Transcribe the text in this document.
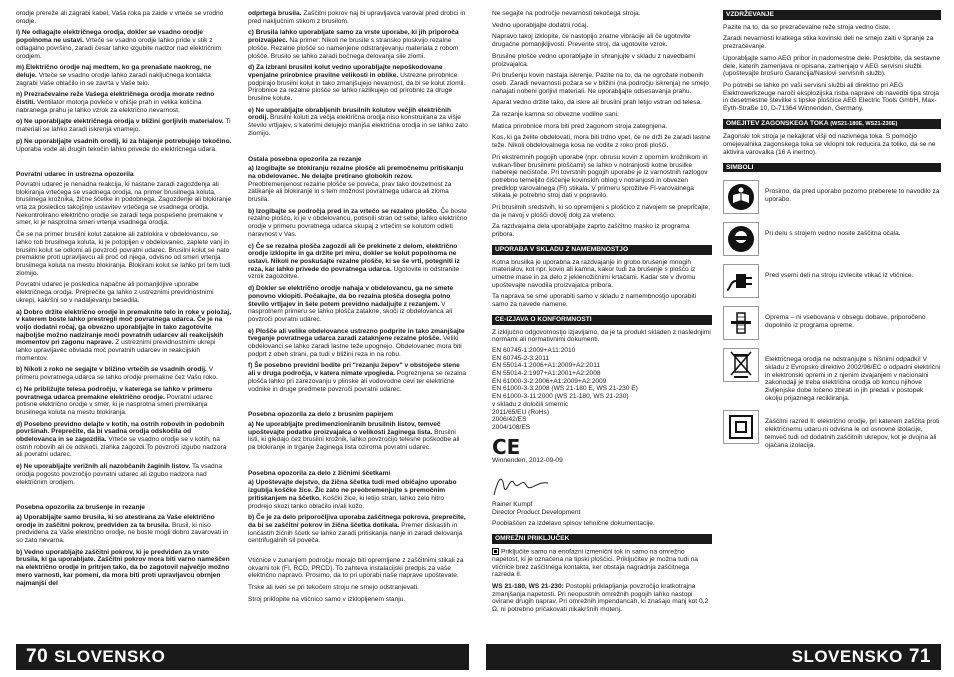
orodje prereže ali zagrabi kabel, Vaša roka pa zaide v vrteče se vrodno orodje.

l) Ne odlagajte električnega orodja, dokler se vsadno orodje popolnoma ne ustavi. Vrteče se vsadno orodje lahko pride v stik z odlagalno površino, zaradi česar lahko izgubite nadzor nad električnim orodjem.

m) Električno orodje naj medtem, ko ga prenašate naokrog, ne deluje. Vrteče se vsadno orodje lahko zaradi naključnega kontakta zagrabi Vaše oblačilo in se zavrta v Vaše telo.

n) Prezračevalne reže Vašega električnega orodja morate redno čistiti. Ventilator motorja povleče v ohišje prah in velika količina nabranega prahu je lahko vzrok za električno nevarnost.

o) Ne uporabljajte električnega orodja v bližini gorljivih materialov. Ti materiali se lahko zaradi iskrenja vnamejo.

p) Ne uporabljajte vsadnih orodij, ki za hlajenje potrebujejo tekočino. Uporaba vode ali drugih tekočin lahko privede do električnega udara.

Povratni udarec in ustrezna opozorila

Povratni udarec je nenadna reakcija, ki nastane zaradi zagozdenja ali blokiranja vrtečega se vsadnega orodja, na primer brusilnega koluta, brusilnega krožnika, žične ščetke in podobnega. Zagozdenje ali blokiranje vrta za posledico takojšnjo ustavitev vrtečega se vsadnega orodja. Nekontrolirano električno orodje se zaradi tega pospešeno premakne v smer, ki je nasprotna smeri vrtenja vsadnega orodja.

Če se na primer brusilni kolut zatakne ali zablokira v obdelovancu, se lahko rob brusilnega koluta, ki je potopljen v obdelovanec, zaplete vanj in brusilni kolut se odlomi ali povzroči povratni udarec. Brusilni kolut se nato premakne proti upravljavcu ali proč od njega, odvisno od smeri vrtenja brusilnega koluta na mestu blokiranja. Blokirani kolut se lahko pri tem tudi zlomijo.

Povratni udarec je posledica napačne ali pomanjkljive uporabe električnega orodja. Preprečite ga lahko z ustreznimi previdnostnimi ukrepi, kakršni so v nadaljevanju besedila.

a) Dobro držite električno orodje in premaknite telo in roke v položaj, v katerem boste lahko prestregli moč povratnega udarca. Če je na voljo dodatni ročaj, ga obvezno uporabljajte in tako zagotovite najboljše možno nadziranje moči povratnih udarcev ali reakcijskih momentov pri zagonu naprave. Z ustreznimi previdnostnimi ukrepi lahko upravljavec obvlada moč povratnih udarcev in reakcijskih momentov.

b) Nikoli z roko ne segajte v bližino vrtečih se vsadnih orodij. V primeru povratnega udarca se lahko orodje premakne čez Vašo roko.

c) Ne približujte telesa področju, v katerega se lahko v primeru povratnega udarca premakne električno orodje. Povratni udarec potisne električno orodje v smer, ki je nasprotna smeri premikanja brusilnega koluta na mestu blokiranja.

d) Posebno previdno delajte v kotih, na ostrih robovih in podobnih površinah. Preprečite, da bi vsadna orodja odskočila od obdelovanca in se zagozdila. Vrteče se vsadno orodje se v kotih, na ostrih robovih ali če odskoči, zlahka zagozdi.To povzroči izgubo nadzora ali povratni udarec.

e) Ne uporabljajte verižnih ali nazobčanih žaginih listov. Ta vsadna orodja pogosto povzročijo povratni udarec ali izgubo nadzora nad električnim orodjem.

Posebna opozorila za brušenje in rezanje

a) Uporabljajte samo brusila, ki so atestirana za Vaše električno orodje in zaščitni pokrov, predviden za ta brusila. Brusil, ki niso predvidena za Vaše električno orodje, ne boste mogli dobro zavarovati in so zato nevarna.

b) Vedno uporabljajte zaščitni pokrov, ki je predviden za vrsto brusila, ki ga uporabljate. Zaščitni pokrov mora biti varno nameščen na električno orodje in pritrjen tako, da bo zagotovil največjo možno mero varnosti, kar pomeni, da mora biti proti upravljavcu obrnjen najmanjši del

odprtega brusila. Zaščitni pokrov naj bi upravljavca varoval pred drobci in pred naključnim stikom z brusilom.

c) Brusila lahko uporabljate samo za vrste uporabe, ki jih priporoča proizvajalec. Na primer: Nikoli ne brusite s stransko ploskvijo rezalne plošče. Rezalne plošče so namenjene odstranjevanju materiala z robom plošče. Brusilo se lahko zaradi bočnega delovanja sile zlomi.

d) Za izbrani brusilni kolut vedno uporabljajte nepoškodovane vpenjalne prirobnice pravilne velikosti in oblike. Ustrezne prirobnice podpirajo brusilni kolut in tako zmanjšujejo nevarnost, da bi se kolut zlomil. Prirobnice za rezalne plošče se lahko razlikujejo od prirobnic za druge brusilne kolute.

e) Ne uporabljajte obrabljenih brusilnih kolutov večjih električnih orodij. Brusilni koluti za večja električna orodja niso konstruirana za višje število vrtljajev, s katerimi delujejo manjša električna orodja in se lahko zato zlomijo.

Ostala posebna opozorila za rezanje

a) Izogibajte se blokiranju rezalne plošče ali premočnemu pritiskanju na obdelovanec. Ne delajte pretirano globokih rezov. Preobremenjenost rezalne plošče se poveča, prav tako dovzetnost za zatikanje ali blokiranje in s tem možnost povratnega udarca ali zloma brusila.

b) Izogibajte se področja pred in za vrtečo se rezalno ploščo. Če boste rezalno ploščo, ki je v obdelovancu, potisnili stran od sebe, lahko električno orodje v primeru povratnega udarca skupaj z vrtečim se kolutom odleti naravnost v Vas.

c) Če se rezalna plošča zagozdi ali če prekinete z delom, električno orodje izklopite in ga držite pri miru, dokler se kolut popolnoma ne ustavi. Nikoli ne poskušajte rezalne plošče, ki se še vrti, potegniti iz reza, kar lahko privede do povratnega udarca. Ugotovite in odstranite vzrok zagozditve.

d) Dokler se električno orodje nahaja v obdelovancu, ga ne smete ponovno vklopiti. Počakajte, da bo rezalna plošča dosegla polno število vrtljajev in šele potem previdno nadaljujte z rezanjem. V nasprotnem primeru se lahko plošča zatakne, skoči iz obdelovanca ali povzroči povratni udarec.

e) Plošče ali velike obdelovance ustrezno podprite in tako zmanjšajte tveganje povratnega udarca zaradi zataknjene rezalne plošče. Veliki obdelovanci se lahko zaradi lastne teže upognejo. Obdelovanec mora biti podprt z obeh strani, pa tudi v bližini reza in na robu.

f) Še posebno previdni bodite pri "rezanju žepov" v obstoječe stene ali v druga področja, v katera nimate vpogleda. Pogreznjena se rezalna plošča lahko pri zarezovanju v plinske ali vodovodne cevi ter električne vodnike in druge predmete povzroči povratni udarec.

Posebna opozorila za delo z brusnim papirjem

a) Ne uporabljajte predimenzioniranih brusilnih listov, temveč upoštevajte podatke proizvajalca o velikosti žaginega lista. Brusilni listi, ki gledajo čez brusilni krožnik, lahko povzročijo telesne poškodbe ali pa blokiranje in trganje žaginega lista oziroma povratni udarec.

Posebna opozorila za delo z žičnimi ščetkami

a) Upoštevajte dejstvo, da žična ščetka tudi med običajno uporabo izgublja koščke žice. Žic zato ne preobremenjujte s premočnim pritiskanjem na ščetko. Koščki žice, ki letijo stran, lahko zelo hitro prodrejo skozi tanko oblačilo in/ali kožo.

b) Če je za delo priporočljiva uporaba zaščitnega pokrova, preprečite, da bi se zaščitni pokrov in žična ščetka dotikala. Premer diskastih in lončastih žičnih ščetk se lahko zaradi pritiskanja nanje in zaradi delovanja centrifugalnih sil poveča.

Vtičnice v zunanjem področju morajo biti opremljene z zaščitnimi stikali za okvarni tok (FI, RCD, PRCD). To zahteva instalacijski predpis za vaše električno napravo. Prosimo, da to pri uporabi naše naprave upoštevate.

Trske ali iveri se pri tekočem stroju ne smejo odstranjevati.

Stroj priklopite na vtičnico samo v izklopljenem stanju.

70 SLOVENSKO

Ne segajte na področje nevarnosti tekočega stroja.

Vedno uporabljajte dodatni ročaj.

Napravo takoj izklopite, če nastopijo znatne vibracije ali če ugotovite drugačne pomanjkljivosti. Preverite stroj, da ugotovite vzrok.

Brusilne plošče vedno uporabljajte in shranjujte v skladu z navedbami proizvajalca.

Pri brušenju kovin nastaja iskrenje. Pazite na to, da ne ogrožate nobenih oseb. Zaradi nevarnosti požara se v bližini (na področju iskrenja) ne smejo nahajati nobeni gorljivi materiali. Ne uporabljajte odsesavanja prahu.

Aparat vedno držite tako, da iskre ali brusilni prah letijo vstran od telesa.

Za rezanje kamna so obvezne vodilne sani.

Matica prirobnice mora biti pred zagonom stroja zategnjena.

Kos, ki ga želite obdelovati, mora biti trdno vpet, če ne drži že zaradi lastne teže. Nikoli obdelovalnega kosa ne vodite z roko proti plošči.

Pri ekstremnih pogojih uporabe (npr. obrusu kovin z oporním krožnikom in vulkan-fiber brusilnimi ploščami) se lahko v notranjosti kotne brusilke nabereje nečistoče. Pri tovrstnih pogojih uporabe je iz varnostnih razlogov potrebno temeljito čiščenje kovinskih oblog v notranjosti in obvezen predklop varovalnega (FI) stikala. V primeru sprožitve FI-varovalnega stikala je potrebno stroj dati v popravilo.

Pri brusilnih sredstvih, ki so opremljeni s ploščico z navojem se prepričajte, da je navoj v plošči dovolj dolg za vreteno.

Za razdvajalna dela uporabljajte zaprto zaščitno masko iz programa pribora.

UPORABA V SKLADU Z NAMEMBNOSTJO

Kotna brusilka je uporabna za razdvajanje in grobo brušenje mnogih materialov, kot npr. kovin ali kamna, kakor tudi za brušenje s ploščo iz umetne mase in za delo z jeklenožičnimi krtačami. Kadar ste v dvomu upoštevajte navodila proizvajalca pribora.

Ta naprava se sme uporabiti samo v skladu z namembnostjo uporabiti samo za navede namene.

CE-IZJAVA O KONFORMNOSTI

Z izključno odgovornostjo izjavljamo, da je ta produkt skladen z naslednjimi normami ali normativnimi dokumenti.

EN 60745-1:2009+A11:2010
EN 60745-2-3:2011
EN 55014-1:2006+A1:2009+A2:2011
EN 55014-2:1997+A1:2001+A2:2008
EN 61000-3-2:2006+A1:2009+A2:2009
EN 61000-3-3:2008 (WS 21-180 E, WS 21-230 E)
EN 61000-3-11:2000 (WS 21-180, WS 21-230)
v skladu z določili smernic
2011/65/EU (RoHs)
2006/42/ES
2004/108/ES
CE

Winnenden, 2012-09-09

Rainer Kumpf

Director Product Development

Pooblaščen za izdelavo spisov tehnične dokumentacije.

OMREŽNI PRIKLJUČEK

Priključite samo na enofazni izmenični tok in samo na omrežno napetost, ki je označena na tipski ploščici. Priključitev je možna tudi na vtičnice brez zaščitnega kontakta, ker obstaja nagradnja zaščitnega razreda II.

WS 21-180, WS 21-230: Postopki priklapljanja povzročijo kratkotrajna zmanjšanja napetosti. Pri neopustnih omrežnih pogojih lahko nastopi ovirane drugih naprav. Pri omrežnih impendancah, ki znašajo manj kot 0,2 Ω, ni potrebno pričakovati nikakršnih motenj.

VZDRŽEVANJE

Pazite na to, da so prezračevalne reže stroja vedno čiste.

Zaradi nevarnosti kratkega stika kovinski deli ne smejo zaiti v špranje za prezračevanje.

Uporabljajte samo AEG pribor in nadomestne dele. Poskrbite, da sestavne dele, katerih zamenjava ni opisana, zamenjajo v AEG servisni službi (upoštevajte brošuro Garancija/Naslovi servisnih služb).

Po potrebi se lahko pri vaši servisni službi ali direktno pri AEG Elektrowerkzeuge naroči eksplozijska risba naprave ob navedbi tipa stroja in desetmestne številke s tipske ploščice AEG Electric Tools GmbH, Max-Eyth-Straße 10, D-71364 Winnenden, Germany.

OMEJITEV ZAGONSKEGA TOKA (WS21-180E, WS21-230E)

Zagonski tok stroja je nekajkrat višji od nazivnega toka. S pomočjo omejevalnika zagonskega toka se vklopni tok reducira za toliko, da se ne aktivira varovalka (16 A inertno).

SIMBOLI
Prosimo, da pred uporabo pozorno preberete to navodilo za uporabo.
Pri delu s strojem vedno nosite zaščitna očala.
Pred vsemi deli na stroju izvlecite vtikač iz vtičnice.
Oprema – ni vsebovana v obsegu dobave, priporočeno dopolnilo iz programa opreme.
Električnega orodja ne odstranjujte s hišnimi odpadki! V skladu z Evropsko direktivo 2002/96/EC o odpadni električni in elektronski opremi in z njenim izvajanjem v nacionalni zakonodaji je treba električna orodja ob koncu njihove življenjske dobe ločeno zbirati in jih predati v postopek okolju prijaznega recikliranja.
Zaščitni razred II: električno orodje, pri katerem zaščita proti električnemu udaru ni odvisna le od osnovne izolacije, temveč tudi od dodatnih zaščitnih ukrepov, kot je dvojna ali ojačana izolacija.
SLOVENSKO 71
